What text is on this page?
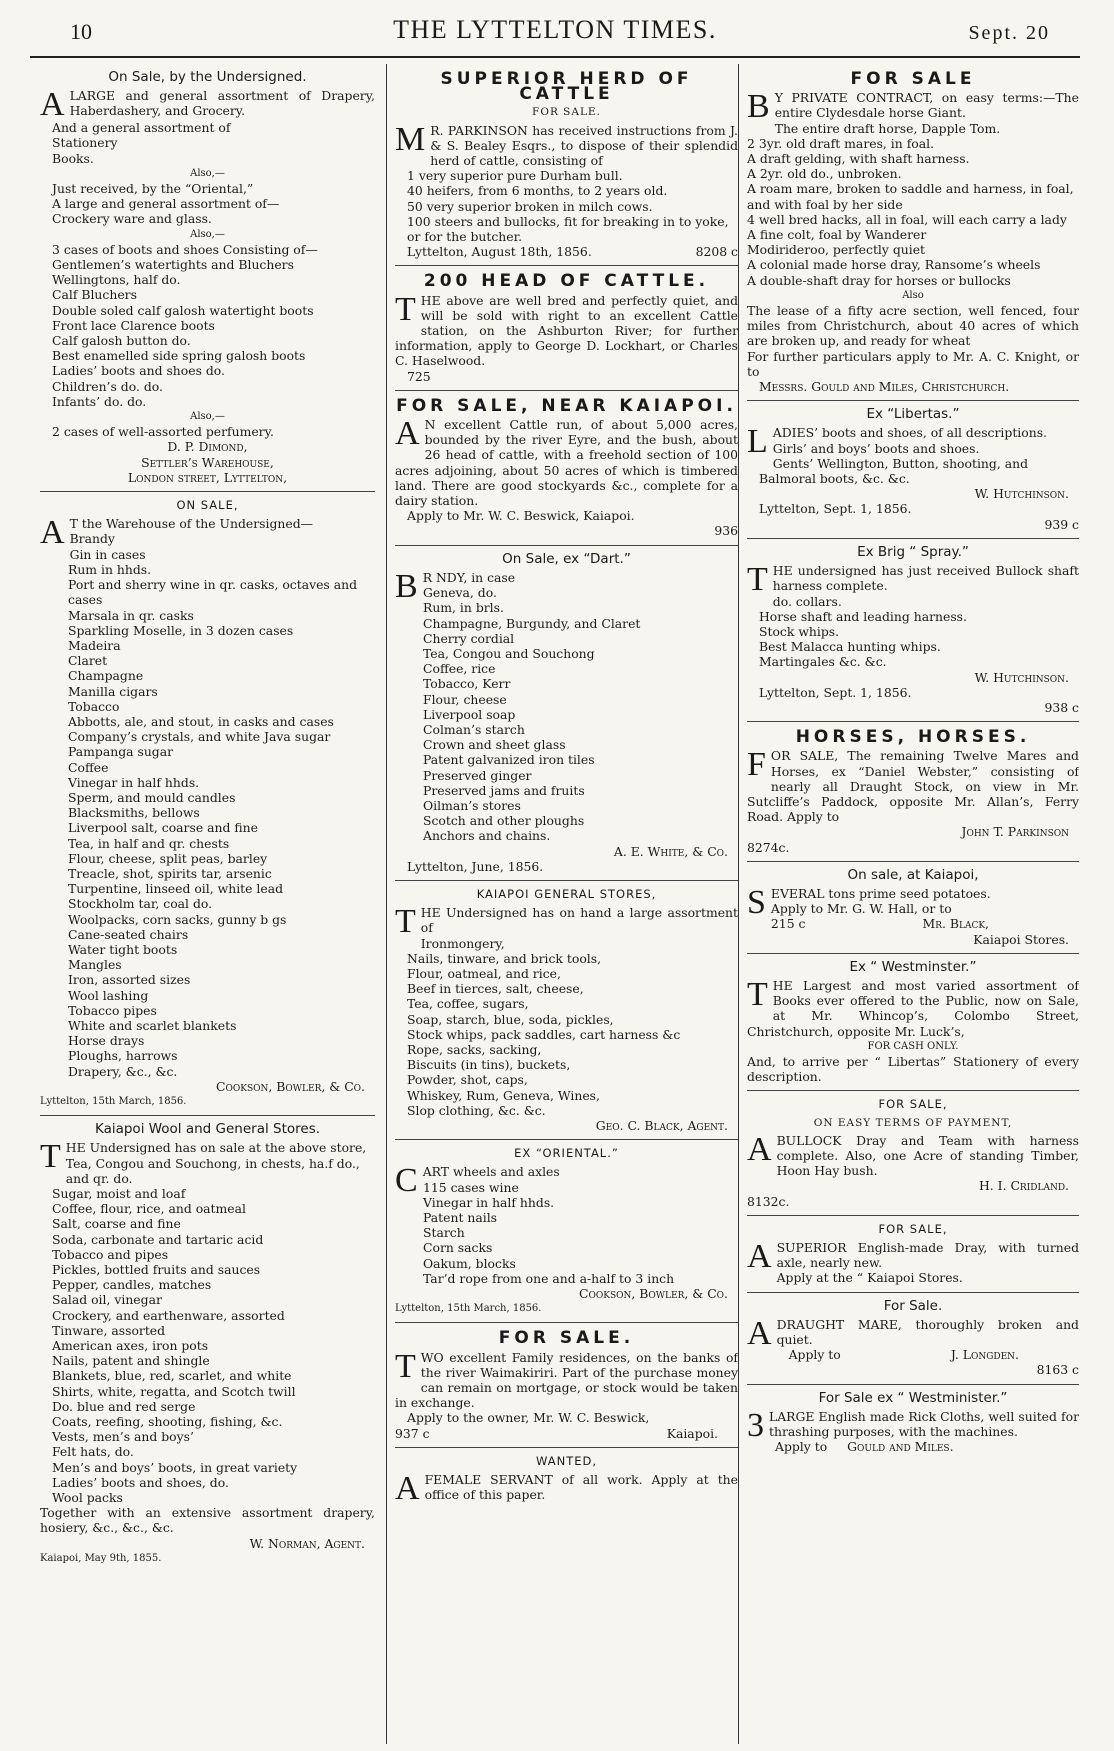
10	THE LYTTELTON TIMES.	Sept. 20
On Sale, by the Undersigned.

ALARGE and general assortment of Drapery, Haberdashery, and Grocery.

And a general assortment of
Stationery
Books.
Also,—
Just received, by the “Oriental,”
A large and general assortment of—
Crockery ware and glass.
Also,—
3 cases of boots and shoes Consisting of—
Gentlemen’s watertights and Bluchers
Wellingtons, half do.
Calf Bluchers
Double soled calf galosh watertight boots
Front lace Clarence boots
Calf galosh button do.
Best enamelled side spring galosh boots
Ladies’ boots and shoes do.
Children’s do. do.
Infants’ do. do.
Also,—
2 cases of well-assorted perfumery.
D. P. Dimond,
Settler’s Warehouse,
London street, Lyttelton,
ON SALE,

A T the Warehouse of the Undersigned—

Brandy
Gin in cases
Rum in hhds.
Port and sherry wine in qr. casks, octaves and cases
Marsala in qr. casks
Sparkling Moselle, in 3 dozen cases
Madeira
Claret
Champagne
Manilla cigars
Tobacco
Abbotts, ale, and stout, in casks and cases
Company’s crystals, and white Java sugar
Pampanga sugar
Coffee
Vinegar in half hhds.
Sperm, and mould candles
Blacksmiths, bellows
Liverpool salt, coarse and fine
Tea, in half and qr. chests
Flour, cheese, split peas, barley
Treacle, shot, spirits tar, arsenic
Turpentine, linseed oil, white lead
Stockholm tar, coal do.
Woolpacks, corn sacks, gunny b gs
Cane-seated chairs
Water tight boots
Mangles
Iron, assorted sizes
Wool lashing
Tobacco pipes
White and scarlet blankets
Horse drays
Ploughs, harrows
Drapery, &c., &c.
Cookson, Bowler, & Co.
Lyttelton, 15th March, 1856.
Kaiapoi Wool and General Stores.

THE Undersigned has on sale at the above store,

Tea, Congou and Souchong, in chests, ha.f do., and qr. do.
Sugar, moist and loaf
Coffee, flour, rice, and oatmeal
Salt, coarse and fine
Soda, carbonate and tartaric acid
Tobacco and pipes
Pickles, bottled fruits and sauces
Pepper, candles, matches
Salad oil, vinegar
Crockery, and earthenware, assorted
Tinware, assorted
American axes, iron pots
Nails, patent and shingle
Blankets, blue, red, scarlet, and white
Shirts, white, regatta, and Scotch twill
Do. blue and red serge
Coats, reefing, shooting, fishing, &c.
Vests, men’s and boys’
Felt hats, do.
Men’s and boys’ boots, in great variety
Ladies’ boots and shoes, do.
Wool packs

Together with an extensive assortment drapery, hosiery, &c., &c., &c.

W. Norman, Agent.
Kaiapoi, May 9th, 1855.
SUPERIOR HERD OF CATTLE
FOR SALE.

M R. PARKINSON has received instructions from J. & S. Bealey Esqrs., to dispose of their splendid herd of cattle, consisting of

1 very superior pure Durham bull.
40 heifers, from 6 months, to 2 years old.
50 very superior broken in milch cows.
100 steers and bullocks, fit for breaking in to yoke, or for the butcher.
Lyttelton, August 18th, 1856.	8208 c
200 HEAD OF CATTLE.

THE above are well bred and perfectly quiet, and will be sold with right to an excellent Cattle station, on the Ashburton River; for further information, apply to George D. Lockhart, or Charles C. Haselwood.

725
FOR SALE, NEAR KAIAPOI.

A N excellent Cattle run, of about 5,000 acres, bounded by the river Eyre, and the bush, about 26 head of cattle, with a freehold section of 100 acres adjoining, about 50 acres of which is timbered land. There are good stockyards &c., complete for a dairy station.

Apply to Mr. W. C. Beswick, Kaiapoi.
936
On Sale, ex “Dart.”

B R NDY, in case

Geneva, do.
Rum, in brls.
Champagne, Burgundy, and Claret
Cherry cordial
Tea, Congou and Souchong
Coffee, rice
Tobacco, Kerr
Flour, cheese
Liverpool soap
Colman’s starch
Crown and sheet glass
Patent galvanized iron tiles
Preserved ginger
Preserved jams and fruits
Oilman’s stores
Scotch and other ploughs
Anchors and chains.
A. E. White, & Co.
Lyttelton, June, 1856.
KAIAPOI GENERAL STORES,

THE Undersigned has on hand a large assortment of

Ironmongery,
Nails, tinware, and brick tools,
Flour, oatmeal, and rice,
Beef in tierces, salt, cheese,
Tea, coffee, sugars,
Soap, starch, blue, soda, pickles,
Stock whips, pack saddles, cart harness &c
Rope, sacks, sacking,
Biscuits (in tins), buckets,
Powder, shot, caps,
Whiskey, Rum, Geneva, Wines,
Slop clothing, &c. &c.
Geo. C. Black, Agent.
EX “ORIENTAL.”

CART wheels and axles

115 cases wine
Vinegar in half hhds.
Patent nails
Starch
Corn sacks
Oakum, blocks
Tar’d rope from one and a-half to 3 inch
Cookson, Bowler, & Co.
Lyttelton, 15th March, 1856.
FOR SALE.

TWO excellent Family residences, on the banks of the river Waimakiriri. Part of the purchase money can remain on mortgage, or stock would be taken in exchange.

Apply to the owner, Mr. W. C. Beswick,
937 c	Kaiapoi.
WANTED,

AFEMALE SERVANT of all work. Apply at the office of this paper.

FOR SALE

B Y PRIVATE CONTRACT, on easy terms:—The entire Clydesdale horse Giant.

The entire draft horse, Dapple Tom.
2 3yr. old draft mares, in foal.
A draft gelding, with shaft harness.
A 2yr. old do., unbroken.
A roam mare, broken to saddle and harness, in foal, and with foal by her side
4 well bred hacks, all in foal, will each carry a lady
A fine colt, foal by Wanderer
Modirideroo, perfectly quiet
A colonial made horse dray, Ransome’s wheels
A double-shaft dray for horses or bullocks
Also

The lease of a fifty acre section, well fenced, four miles from Christchurch, about 40 acres of which are broken up, and ready for wheat

For further particulars apply to Mr. A. C. Knight, or to

Messrs. Gould and Miles, Christchurch.
Ex “Libertas.”

LADIES’ boots and shoes, of all descriptions.

Girls’ and boys’ boots and shoes.
Gents’ Wellington, Button, shooting, and Balmoral boots, &c. &c.
W. Hutchinson.
Lyttelton, Sept. 1, 1856.
939 c
Ex Brig “ Spray.”

THE undersigned has just received Bullock shaft harness complete.

do. collars.
Horse shaft and leading harness.
Stock whips.
Best Malacca hunting whips.
Martingales &c. &c.
W. Hutchinson.
Lyttelton, Sept. 1, 1856.
938 c
HORSES, HORSES.

FOR SALE, The remaining Twelve Mares and Horses, ex “Daniel Webster,” consisting of nearly all Draught Stock, on view in Mr. Sutcliffe’s Paddock, opposite Mr. Allan’s, Ferry Road. Apply to

John T. Parkinson
8274c.
On sale, at Kaiapoi,

SEVERAL tons prime seed potatoes.

Apply to Mr. G. W. Hall, or to
215 c	Mr. Black,
Kaiapoi Stores.
Ex “ Westminster.”

THE Largest and most varied assortment of Books ever offered to the Public, now on Sale, at Mr. Whincop’s, Colombo Street, Christchurch, opposite Mr. Luck’s,

FOR CASH ONLY.

And, to arrive per “ Libertas” Stationery of every description.

FOR SALE,
ON EASY TERMS OF PAYMENT,

ABULLOCK Dray and Team with harness complete. Also, one Acre of standing Timber, Hoon Hay bush.

H. I. Cridland.
8132c.
FOR SALE,

ASUPERIOR English-made Dray, with turned axle, nearly new.

Apply at the “ Kaiapoi Stores.
For Sale.

ADRAUGHT MARE, thoroughly broken and quiet.

Apply to	J. Longden.
8163 c
For Sale ex “ Westminister.”

3 LARGE English made Rick Cloths, well suited for thrashing purposes, with the machines.

Apply to Gould and Miles.
